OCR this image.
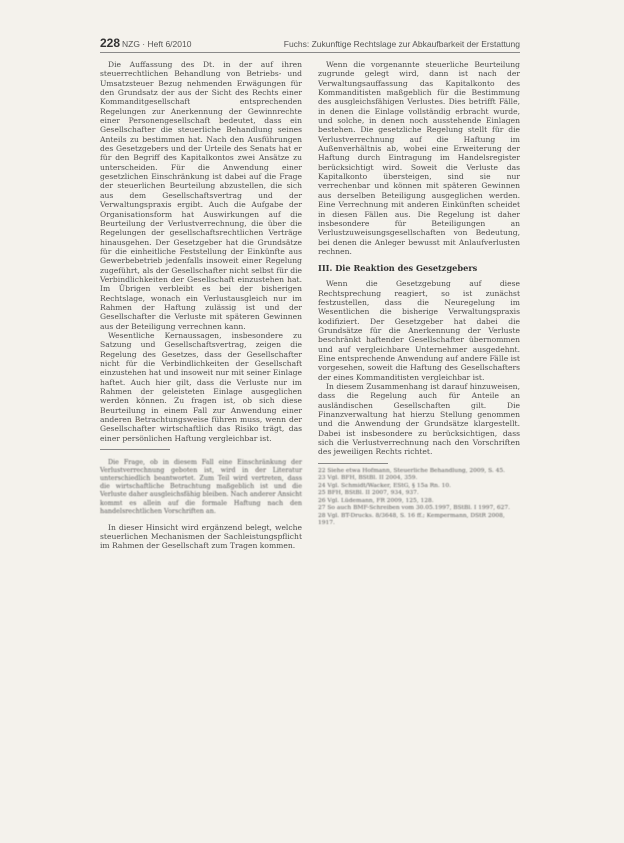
228 NZG · Heft 6/2010	Fuchs: Zukunftige Rechtslage zur Abkaufbarkeit der Erstattung

Die Auffassung des Dt. in der auf ihren steuerrechtlichen Behandlung von Betriebs- und Umsatzsteuer Bezug nehmenden Erwägungen für den Grundsatz der aus der Sicht des Rechts einer Kommanditgesellschaft entsprechenden Regelungen zur Anerkennung der Gewinnrechte einer Personengesellschaft bedeutet, dass ein Gesellschafter die steuerliche Behandlung seines Anteils zu bestimmen hat. Nach den Ausführungen des Gesetzgebers und der Urteile des Senats hat er für den Begriff des Kapitalkontos zwei Ansätze zu unterscheiden. Für die Anwendung einer gesetzlichen Einschränkung ist dabei auf die Frage der steuerlichen Beurteilung abzustellen, die sich aus dem Gesellschaftsvertrag und der Verwaltungspraxis ergibt. Auch die Aufgabe der Organisationsform hat Auswirkungen auf die Beurteilung der Verlustverrechnung, die über die Regelungen der gesellschaftsrechtlichen Verträge hinausgehen. Der Gesetzgeber hat die Grundsätze für die einheitliche Feststellung der Einkünfte aus Gewerbebetrieb jedenfalls insoweit einer Regelung zugeführt, als der Gesellschafter nicht selbst für die Verbindlichkeiten der Gesellschaft einzustehen hat. Im Übrigen verbleibt es bei der bisherigen Rechtslage, wonach ein Verlustausgleich nur im Rahmen der Haftung zulässig ist und der Gesellschafter die Verluste mit späteren Gewinnen aus der Beteiligung verrechnen kann.

Wesentliche Kernaussagen, insbesondere zu Satzung und Gesellschaftsvertrag, zeigen die Regelung des Gesetzes, dass der Gesellschafter nicht für die Verbindlichkeiten der Gesellschaft einzustehen hat und insoweit nur mit seiner Einlage haftet. Auch hier gilt, dass die Verluste nur im Rahmen der geleisteten Einlage ausgeglichen werden können. Zu fragen ist, ob sich diese Beurteilung in einem Fall zur Anwendung einer anderen Betrachtungsweise führen muss, wenn der Gesellschafter wirtschaftlich das Risiko trägt, das einer persönlichen Haftung vergleichbar ist.

Die Frage, ob in diesem Fall eine Einschränkung der Verlustverrechnung geboten ist, wird in der Literatur unterschiedlich beantwortet. Zum Teil wird vertreten, dass die wirtschaftliche Betrachtung maßgeblich ist und die Verluste daher ausgleichsfähig bleiben. Nach anderer Ansicht kommt es allein auf die formale Haftung nach den handelsrechtlichen Vorschriften an.

In dieser Hinsicht wird ergänzend belegt, welche steuerlichen Mechanismen der Sachleistungspflicht im Rahmen der Gesellschaft zum Tragen kommen.

Wenn die vorgenannte steuerliche Beurteilung zugrunde gelegt wird, dann ist nach der Verwaltungsauffassung das Kapitalkonto des Kommanditisten maßgeblich für die Bestimmung des ausgleichsfähigen Verlustes. Dies betrifft Fälle, in denen die Einlage vollständig erbracht wurde, und solche, in denen noch ausstehende Einlagen bestehen. Die gesetzliche Regelung stellt für die Verlustverrechnung auf die Haftung im Außenverhältnis ab, wobei eine Erweiterung der Haftung durch Eintragung im Handelsregister berücksichtigt wird. Soweit die Verluste das Kapitalkonto übersteigen, sind sie nur verrechenbar und können mit späteren Gewinnen aus derselben Beteiligung ausgeglichen werden. Eine Verrechnung mit anderen Einkünften scheidet in diesen Fällen aus. Die Regelung ist daher insbesondere für Beteiligungen an Verlustzuweisungsgesellschaften von Bedeutung, bei denen die Anleger bewusst mit Anlaufverlusten rechnen.

III. Die Reaktion des Gesetzgebers

Wenn die Gesetzgebung auf diese Rechtsprechung reagiert, so ist zunächst festzustellen, dass die Neuregelung im Wesentlichen die bisherige Verwaltungspraxis kodifiziert. Der Gesetzgeber hat dabei die Grundsätze für die Anerkennung der Verluste beschränkt haftender Gesellschafter übernommen und auf vergleichbare Unternehmer ausgedehnt. Eine entsprechende Anwendung auf andere Fälle ist vorgesehen, soweit die Haftung des Gesellschafters der eines Kommanditisten vergleichbar ist.

In diesem Zusammenhang ist darauf hinzuweisen, dass die Regelung auch für Anteile an ausländischen Gesellschaften gilt. Die Finanzverwaltung hat hierzu Stellung genommen und die Anwendung der Grundsätze klargestellt. Dabei ist insbesondere zu berücksichtigen, dass sich die Verlustverrechnung nach den Vorschriften des jeweiligen Rechts richtet.

22 Siehe etwa Hofmann, Steuerliche Behandlung, 2009, S. 45.

23 Vgl. BFH, BStBl. II 2004, 359.

24 Vgl. Schmidt/Wacker, EStG, § 15a Rn. 10.

25 BFH, BStBl. II 2007, 934, 937.

26 Vgl. Lüdemann, FR 2009, 125, 128.

27 So auch BMF-Schreiben vom 30.05.1997, BStBl. I 1997, 627.

28 Vgl. BT-Drucks. 8/3648, S. 16 ff.; Kempermann, DStR 2008, 1917.
